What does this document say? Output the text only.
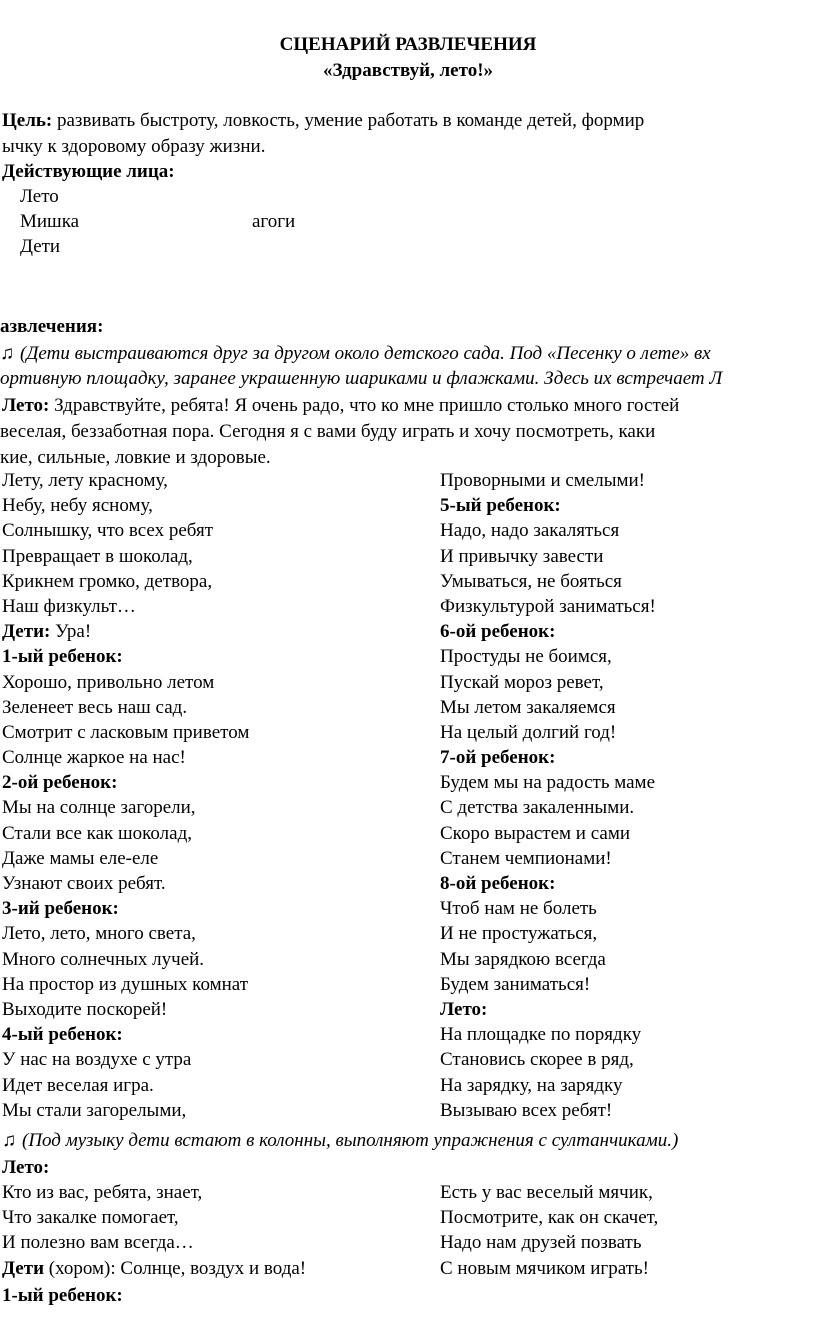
СЦЕНАРИЙ РАЗВЛЕЧЕНИЯ
«Здравствуй, лето!»
Цель: развивать быстроту, ловкость, умение работать в команде детей, формир
ычку к здоровому образу жизни.
Действующие лица:
Лето
Мишка	агоги
Дети
азвлечения:
♫ (Дети выстраиваются друг за другом около детского сада. Под «Песенку о лете» вх
ортивную площадку, заранее украшенную шариками и флажками. Здесь их встречает Л
Лето: Здравствуйте, ребята! Я очень радо, что ко мне пришло столько много гостей
веселая, беззаботная пора. Сегодня я с вами буду играть и хочу посмотреть, каки
кие, сильные, ловкие и здоровые.
Лету, лету красному,
Небу, небу ясному,
Солнышку, что всех ребят
Превращает в шоколад,
Крикнем громко, детвора,
Наш физкульт…
Дети: Ура!
1-ый ребенок:
Хорошо, привольно летом
Зеленеет весь наш сад.
Смотрит с ласковым приветом
Солнце жаркое на нас!
2-ой ребенок:
Мы на солнце загорели,
Стали все как шоколад,
Даже мамы еле-еле
Узнают своих ребят.
3-ий ребенок:
Лето, лето, много света,
Много солнечных лучей.
На простор из душных комнат
Выходите поскорей!
4-ый ребенок:
У нас на воздухе с утра
Идет веселая игра.
Мы стали загорелыми,
Проворными и смелыми!
5-ый ребенок:
Надо, надо закаляться
И привычку завести
Умываться, не бояться
Физкультурой заниматься!
6-ой ребенок:
Простуды не боимся,
Пускай мороз ревет,
Мы летом закаляемся
На целый долгий год!
7-ой ребенок:
Будем мы на радость маме
С детства закаленными.
Скоро вырастем и сами
Станем чемпионами!
8-ой ребенок:
Чтоб нам не болеть
И не простужаться,
Мы зарядкою всегда
Будем заниматься!
Лето:
На площадке по порядку
Становись скорее в ряд,
На зарядку, на зарядку
Вызываю всех ребят!
♫ (Под музыку дети встают в колонны, выполняют упражнения с султанчиками.)
Лето:
Кто из вас, ребята, знает,
Что закалке помогает,
И полезно вам всегда…
Дети (хором): Солнце, воздух и вода!
Есть у вас веселый мячик,
Посмотрите, как он скачет,
Надо нам друзей позвать
С новым мячиком играть!
1-ый ребенок:
